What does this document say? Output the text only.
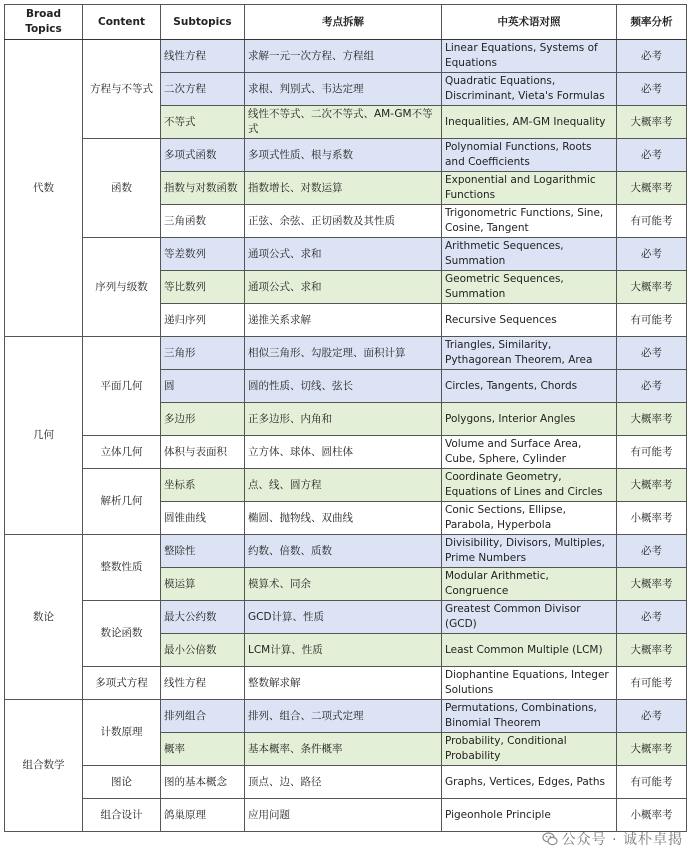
Broad Topics	Content	Subtopics	考点拆解	中英术语对照	频率分析
代数	方程与不等式	线性方程	求解一元一次方程、方程组	Linear Equations, Systems of Equations	必考
		二次方程	求根、判别式、韦达定理	Quadratic Equations, Discriminant, Vieta's Formulas	必考
		不等式	线性不等式、二次不等式、AM-GM不等式	Inequalities, AM-GM Inequality	大概率考
	函数	多项式函数	多项式性质、根与系数	Polynomial Functions, Roots and Coefficients	必考
		指数与对数函数	指数增长、对数运算	Exponential and Logarithmic Functions	大概率考
		三角函数	正弦、余弦、正切函数及其性质	Trigonometric Functions, Sine, Cosine, Tangent	有可能考
	序列与级数	等差数列	通项公式、求和	Arithmetic Sequences, Summation	必考
		等比数列	通项公式、求和	Geometric Sequences, Summation	大概率考
		递归序列	递推关系求解	Recursive Sequences	有可能考
几何	平面几何	三角形	相似三角形、勾股定理、面积计算	Triangles, Similarity, Pythagorean Theorem, Area	必考
		圆	圆的性质、切线、弦长	Circles, Tangents, Chords	必考
		多边形	正多边形、内角和	Polygons, Interior Angles	大概率考
	立体几何	体积与表面积	立方体、球体、圆柱体	Volume and Surface Area, Cube, Sphere, Cylinder	有可能考
	解析几何	坐标系	点、线、圆方程	Coordinate Geometry, Equations of Lines and Circles	大概率考
		圆锥曲线	椭圆、抛物线、双曲线	Conic Sections, Ellipse, Parabola, Hyperbola	小概率考
数论	整数性质	整除性	约数、倍数、质数	Divisibility, Divisors, Multiples, Prime Numbers	必考
		模运算	模算术、同余	Modular Arithmetic, Congruence	大概率考
	数论函数	最大公约数	GCD计算、性质	Greatest Common Divisor (GCD)	必考
		最小公倍数	LCM计算、性质	Least Common Multiple (LCM)	大概率考
	多项式方程	线性方程	整数解求解	Diophantine Equations, Integer Solutions	有可能考
组合数学	计数原理	排列组合	排列、组合、二项式定理	Permutations, Combinations, Binomial Theorem	必考
		概率	基本概率、条件概率	Probability, Conditional Probability	大概率考
	图论	图的基本概念	顶点、边、路径	Graphs, Vertices, Edges, Paths	有可能考
	组合设计	鸽巢原理	应用问题	Pigeonhole Principle	小概率考
公众号 · 诚朴卓揭
